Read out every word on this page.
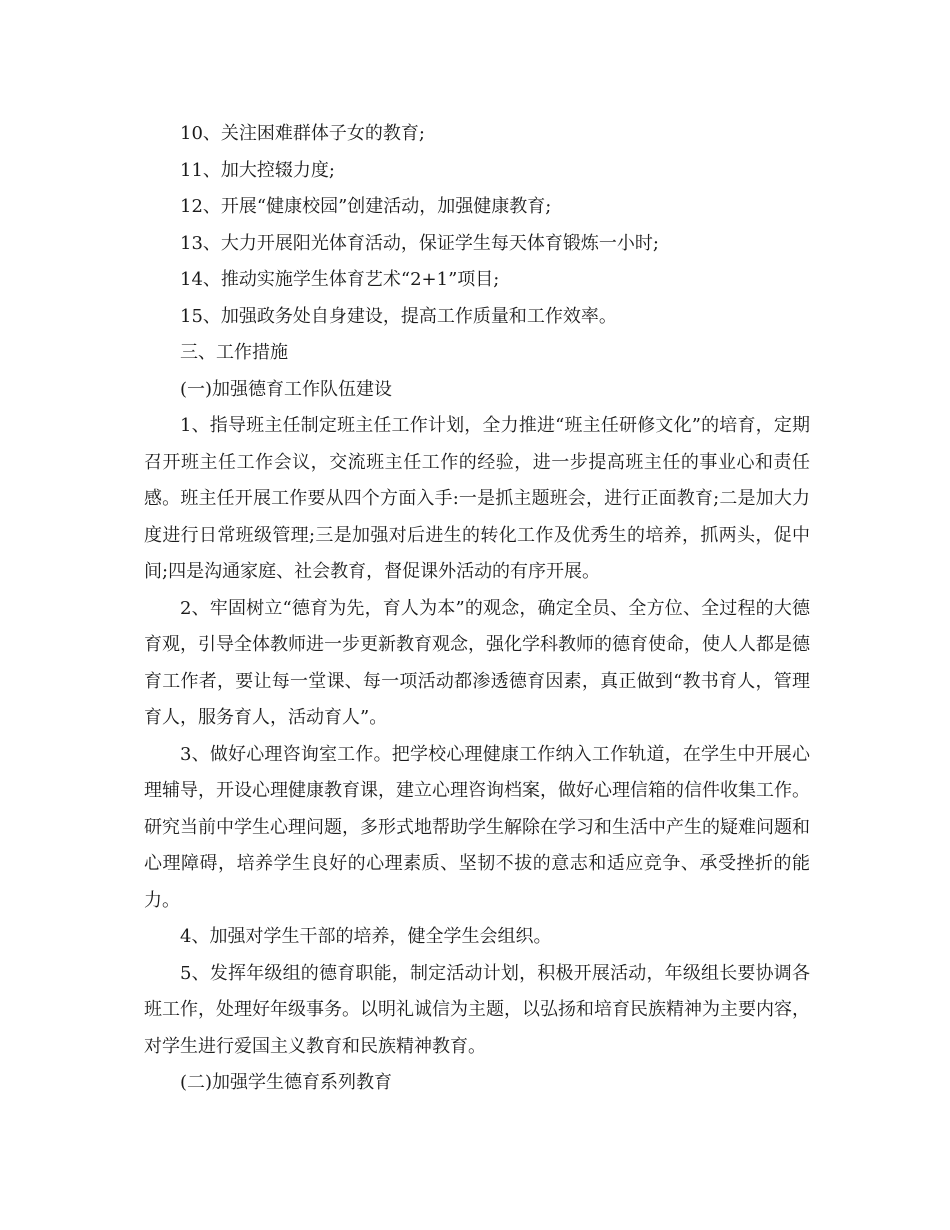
10、关注困难群体子女的教育;

11、加大控辍力度;

12、开展“健康校园”创建活动，加强健康教育;

13、大力开展阳光体育活动，保证学生每天体育锻炼一小时;

14、推动实施学生体育艺术“2+1”项目;

15、加强政务处自身建设，提高工作质量和工作效率。

三、工作措施

(一)加强德育工作队伍建设

1、指导班主任制定班主任工作计划，全力推进“班主任研修文化”的培育，定期召开班主任工作会议，交流班主任工作的经验，进一步提高班主任的事业心和责任感。班主任开展工作要从四个方面入手:一是抓主题班会，进行正面教育;二是加大力度进行日常班级管理;三是加强对后进生的转化工作及优秀生的培养，抓两头，促中间;四是沟通家庭、社会教育，督促课外活动的有序开展。

2、牢固树立“德育为先，育人为本”的观念，确定全员、全方位、全过程的大德育观，引导全体教师进一步更新教育观念，强化学科教师的德育使命，使人人都是德育工作者，要让每一堂课、每一项活动都渗透德育因素，真正做到“教书育人，管理育人，服务育人，活动育人”。

3、做好心理咨询室工作。把学校心理健康工作纳入工作轨道，在学生中开展心理辅导，开设心理健康教育课，建立心理咨询档案，做好心理信箱的信件收集工作。研究当前中学生心理问题，多形式地帮助学生解除在学习和生活中产生的疑难问题和心理障碍，培养学生良好的心理素质、坚韧不拔的意志和适应竞争、承受挫折的能力。

4、加强对学生干部的培养，健全学生会组织。

5、发挥年级组的德育职能，制定活动计划，积极开展活动，年级组长要协调各班工作，处理好年级事务。以明礼诚信为主题，以弘扬和培育民族精神为主要内容，对学生进行爱国主义教育和民族精神教育。

(二)加强学生德育系列教育
